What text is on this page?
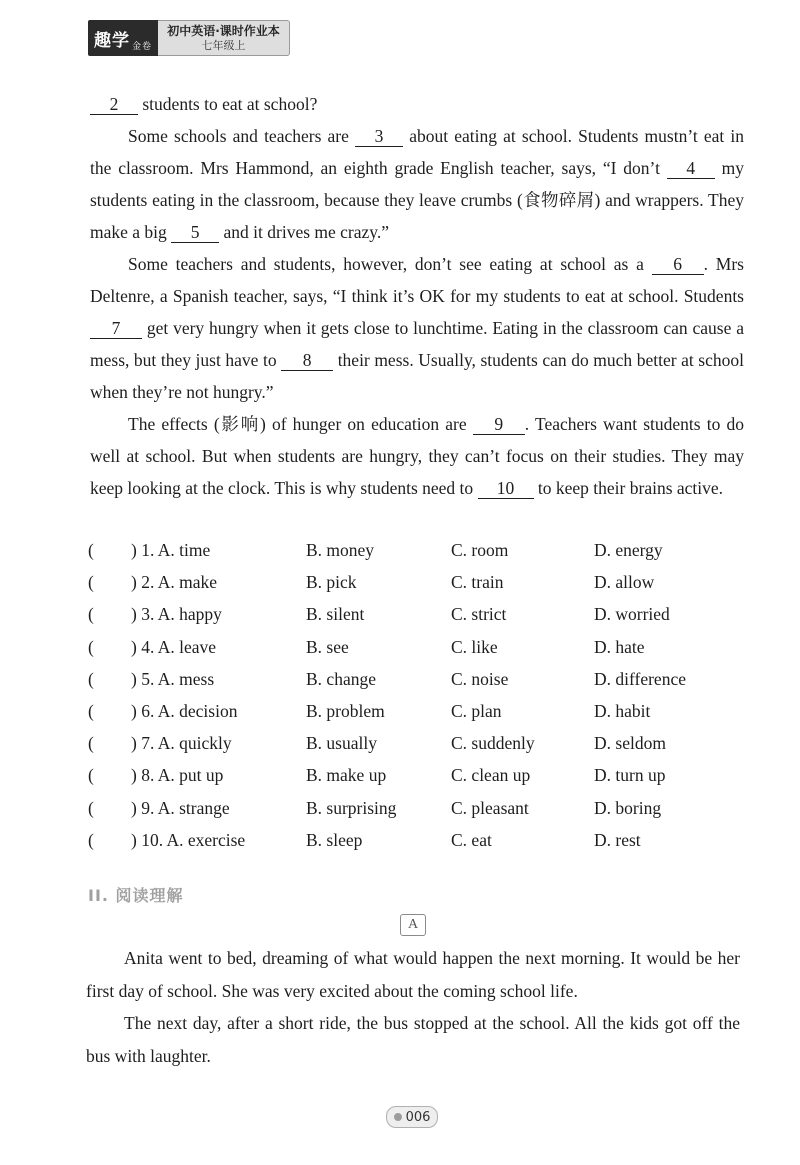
趣学 金卷
初中英语·课时作业本
七年级上

2 students to eat at school?

Some schools and teachers are 3 about eating at school. Students mustn’t eat in the classroom. Mrs Hammond, an eighth grade English teacher, says, “I don’t 4 my students eating in the classroom, because they leave crumbs (食物碎屑) and wrappers. They make a big 5 and it drives me crazy.”

Some teachers and students, however, don’t see eating at school as a 6 . Mrs Deltenre, a Spanish teacher, says, “I think it’s OK for my students to eat at school. Students 7 get very hungry when it gets close to lunchtime. Eating in the classroom can cause a mess, but they just have to 8 their mess. Usually, students can do much better at school when they’re not hungry.”

The effects (影响) of hunger on education are 9 . Teachers want students to do well at school. But when students are hungry, they can’t focus on their studies. They may keep looking at the clock. This is why students need to 10 to keep their brains active.

( ) 1. A. time	B. money	C. room	D. energy
( ) 2. A. make	B. pick	C. train	D. allow
( ) 3. A. happy	B. silent	C. strict	D. worried
( ) 4. A. leave	B. see	C. like	D. hate
( ) 5. A. mess	B. change	C. noise	D. difference
( ) 6. A. decision	B. problem	C. plan	D. habit
( ) 7. A. quickly	B. usually	C. suddenly	D. seldom
( ) 8. A. put up	B. make up	C. clean up	D. turn up
( ) 9. A. strange	B. surprising	C. pleasant	D. boring
( ) 10. A. exercise	B. sleep	C. eat	D. rest
II. 阅读理解
A

Anita went to bed, dreaming of what would happen the next morning. It would be her first day of school. She was very excited about the coming school life.

The next day, after a short ride, the bus stopped at the school. All the kids got off the bus with laughter.

006
